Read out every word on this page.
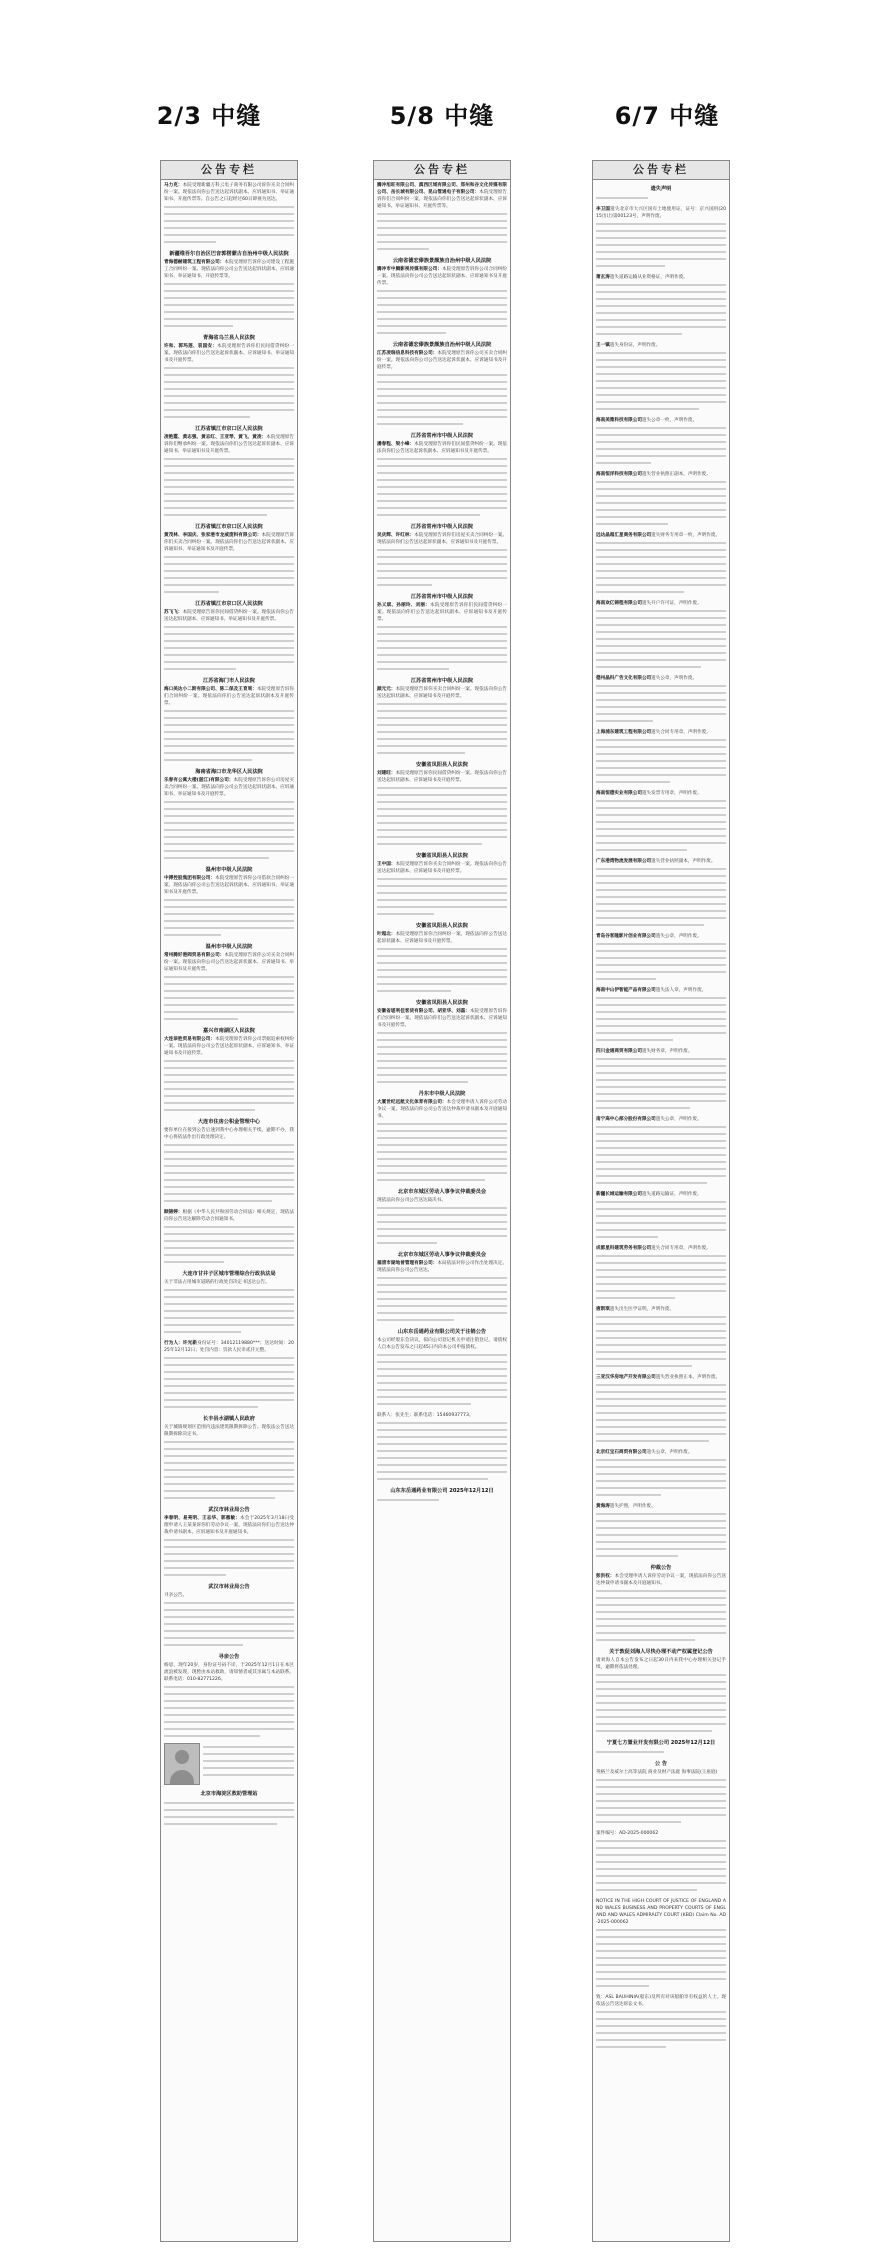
2/3 中缝	5/8 中缝	6/7 中缝
公告专栏
马力克：本院受理新疆万科云电子商务有限公司诉你买卖合同纠纷一案。现依法向你公告送达起诉状副本、应诉通知书、举证通知书、开庭传票等。自公告之日起经过60日即视为送达。
新疆维吾尔自治区巴音郭楞蒙古自治州中级人民法院
青海德赫建筑工程有限公司：本院受理原告诉你公司建设工程施工合同纠纷一案。现依法向你公司公告送达起诉状副本、应诉通知书、举证通知书、开庭传票等。
青海省乌兰县人民法院
许和、郭玛莲、袁国安：本院受理原告诉你们民间借贷纠纷一案。现依法向你们公告送达起诉状副本、应诉通知书、举证通知书及开庭传票。
江苏省镇江市京口区人民法院
凌艳霞、黄志强、黄志红、王亚琴、黄飞、黄凌：本院受理原告诉你们继承纠纷一案。现依法向你们公告送达起诉状副本、应诉通知书、举证通知书及开庭传票。
江苏省镇江市京口区人民法院
黄茂林、李国庆、张家港市龙威废料有限公司：本院受理原告诉你们买卖合同纠纷一案。现依法向你们公告送达起诉状副本、应诉通知书、举证通知书及开庭传票。
江苏省镇江市京口区人民法院
苏飞飞：本院受理原告诉你民间借贷纠纷一案。现依法向你公告送达起诉状副本、应诉通知书、举证通知书及开庭传票。
江苏省海门市人民法院
海口美达小二斯有限公司、陈二保及王育周：本院受理原告诉你们合同纠纷一案。现依法向你们公告送达起诉状副本及开庭传票。
海南省海口市龙华区人民法院
乐春有公寓大楼(湛江)有限公司：本院受理原告诉你公司房屋买卖合同纠纷一案。现依法向你公司公告送达起诉状副本、应诉通知书、举证通知书及开庭传票。
温州市中级人民法院
中搏控股集团有限公司：本院受理原告诉你公司借款合同纠纷一案。现依法向你公司公告送达起诉状副本、应诉通知书、举证通知书及开庭传票。
温州市中级人民法院
常州腾好港阀贸易有限公司：本院受理原告诉你公司买卖合同纠纷一案。现依法向你公司公告送达起诉状副本、应诉通知书、举证通知书及开庭传票。
嘉兴市南湖区人民法院
大连恭胜贸易有限公司：本院受理原告诉你公司票据追索权纠纷一案。现依法向你公司公告送达起诉状副本、应诉通知书、举证通知书及开庭传票。
大连市住房公积金管理中心
要你单位在接到公告后速到我中心办理相关手续。逾期不办，我中心将依法作出行政处理决定。
顾锦婷：根据《中华人民共和国劳动合同法》相关规定，现依法向你公告送达解除劳动合同通知书。
大连市甘井子区城市管理综合行政执法局
关于非法占用城市道路的行政处罚决定书送达公告。
行为人：许光新身份证号：34012119880***；送达时间：2025年12月12日；处罚内容：罚款人民币贰仟元整。
长丰县水湖镇人民政府
关于城镇规划区范围内违法建筑限期拆除公告。现依法公告送达限期拆除决定书。
武汉市林业局公告
李春明、易亮明、王志华、郭惠敏：本会于2025年3月18日受理申请人王某某诉你们劳动争议一案，现依法向你们公告送达仲裁申请书副本、应诉通知书及开庭通知书。
武汉市林业局公告
寻亲公告。
寻亲公告
杨思，现年20岁，身份证号码不详，于2025年12月1日在本区流浪被发现，现暂由本站救助，请知情者或其亲属与本站联系。联系电话：010-82771226。
北京市海淀区救助管理站
公告专栏
腾冲旭旺有限公司、滇西区域有限公司、郑州和谷文化传媒有限公司、岳长城有限公司、昆山管通电子有限公司：本院受理原告诉你们合同纠纷一案。现依法向你们公告送达起诉状副本、应诉通知书、举证通知书、开庭传票等。
云南省德宏傣族景颇族自治州中级人民法院
腾冲市中腾影视传媒有限公司：本院受理原告诉你公司合同纠纷一案。现依法向你公司公告送达起诉状副本、应诉通知书及开庭传票。
云南省德宏傣族景颇族自治州中级人民法院
江苏凌瑞信息科技有限公司：本院受理原告诉你公司买卖合同纠纷一案。现依法向你公司公告送达起诉状副本、应诉通知书及开庭传票。
江苏省常州市中级人民法院
潘春程、梁小峰：本院受理原告诉你们民间借贷纠纷一案。现依法向你们公告送达起诉状副本、应诉通知书及开庭传票。
江苏省常州市中级人民法院
吴庆辉、许红林：本院受理原告诉你们房屋买卖合同纠纷一案。现依法向你们公告送达起诉状副本、应诉通知书及开庭传票。
江苏省常州市中级人民法院
孙义斌、孙丽玲、刘丽：本院受理原告诉你们民间借贷纠纷一案。现依法向你们公告送达起诉状副本、应诉通知书及开庭传票。
江苏省常州市中级人民法院
颜元元：本院受理原告诉你买卖合同纠纷一案。现依法向你公告送达起诉状副本、应诉通知书及开庭传票。
安徽省凤阳县人民法院
刘建旺：本院受理原告诉你民间借贷纠纷一案。现依法向你公告送达起诉状副本、应诉通知书及开庭传票。
安徽省凤阳县人民法院
王中国：本院受理原告诉你买卖合同纠纷一案。现依法向你公告送达起诉状副本、应诉通知书及开庭传票。
安徽省凤阳县人民法院
叶超北：本院受理原告诉你合同纠纷一案。现依法向你公告送达起诉状副本、应诉通知书及开庭传票。
安徽省凤阳县人民法院
安徽省堪利佳客货有限公司、胡亚华、刘磊：本院受理原告诉你们合同纠纷一案。现依法向你们公告送达起诉状副本、应诉通知书及开庭传票。
丹东市中级人民法院
大厦世纪远航文化体育有限公司：本会受理申请人诉你公司劳动争议一案。现依法向你公司公告送达仲裁申请书副本及开庭通知书。
北京市东城区劳动人事争议仲裁委员会
现依法向你公司公告送达裁决书。
北京市东城区劳动人事争议仲裁委员会
福清市湖地普管理有限公司：本局依法对你公司作出处理决定。现依法向你公司公告送达。
山东东岳通药业有限公司关于注销公告
本公司经股东会决议，拟向公司登记机关申请注销登记，请债权人自本公告发布之日起45日内向本公司申报债权。
联系人：张先生；联系电话：15460937773。
山东东岳通药业有限公司 2025年12月12日
公告专栏
遗失声明
李卫国遗失北京市大兴区国有土地使用证，证号：京兴国用(2015出让)第00123号，声明作废。
萧玄涛遗失道路运输从业资格证，声明作废。
王一镇遗失身份证，声明作废。
海南美雅科技有限公司遗失公章一枚，声明作废。
海南恒洋科技有限公司遗失营业执照正副本，声明作废。
远达晶超汇星商务有限公司遗失财务专用章一枚，声明作废。
海南欢亿锦程有限公司遗失开户许可证，声明作废。
德州晶科广告文化有限公司遗失公章，声明作废。
上海浦东建筑工程有限公司遗失合同专用章，声明作废。
海南恒德实业有限公司遗失发票专用章，声明作废。
广东港湾物流发展有限公司遗失营业执照副本，声明作废。
青岛谷客隆影片创业有限公司遗失公章，声明作废。
海南中山伊智能产品有限公司遗失法人章，声明作废。
四川金通商贸有限公司遗失财务章，声明作废。
南宁高中心部分股份有限公司遗失公章，声明作废。
新疆长城运输有限公司遗失道路运输证，声明作废。
成都星科建筑劳务有限公司遗失合同专用章，声明作废。
唐斯琪遗失出生医学证明，声明作废。
三亚汉华房地产开发有限公司遗失营业执照正本，声明作废。
北京红宝石商贸有限公司遗失公章，声明作废。
黄海涛遗失护照，声明作废。
仲裁公告
彭洪权：本会受理申请人诉你劳动争议一案，现依法向你公告送达仲裁申请书副本及开庭通知书。
关于敦促刘海人尽快办理不动产权属登记公告
请刘海人自本公告发布之日起30日内来我中心办理相关登记手续，逾期将依法处理。
宁夏七方置业开发有限公司 2025年12月12日
公 告
英格兰及威尔士高等法院 商业及财产法庭 海事法院(王座庭)
案件编号：AD-2025-000062
NOTICE IN THE HIGH COURT OF JUSTICE OF ENGLAND AND WALES BUSINESS AND PROPERTY COURTS OF ENGLAND AND WALES ADMIRALTY COURT (KBD) Claim No. AD-2025-000062
致：ASL BAUHINIA(船东)及所有对该船舶享有权益的人士。现依法公告送达诉讼文书。
